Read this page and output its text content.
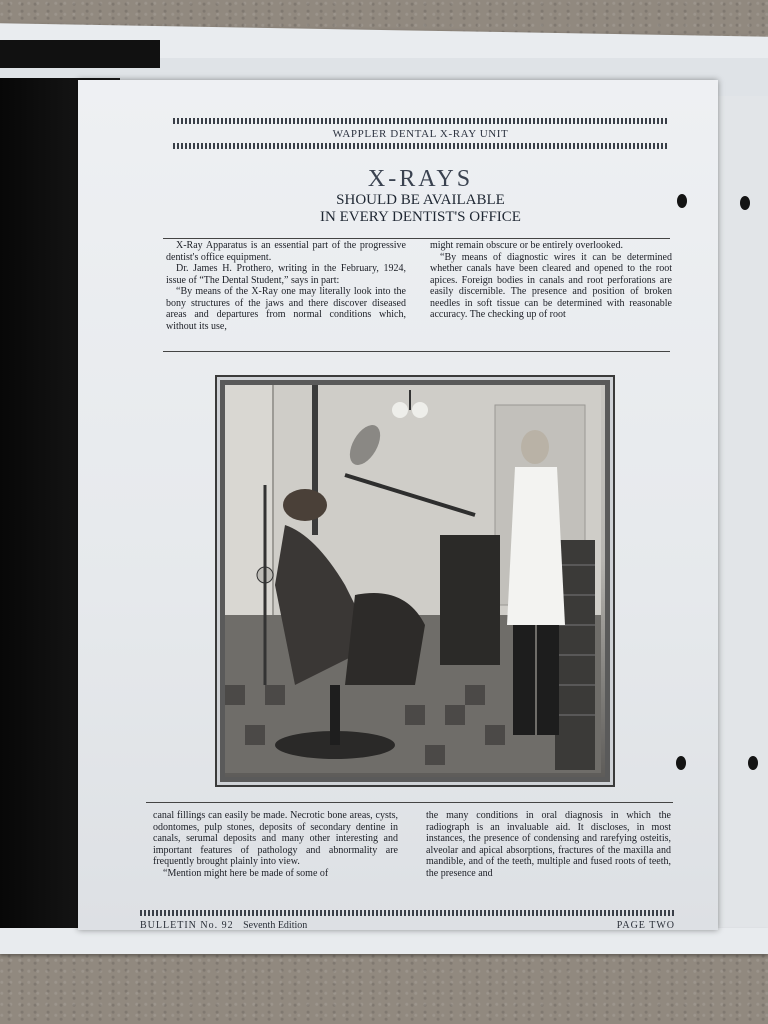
WAPPLER DENTAL X-RAY UNIT
X-RAYS
SHOULD BE AVAILABLE
IN EVERY DENTIST'S OFFICE

X-Ray Apparatus is an essential part of the progressive dentist's office equipment.

Dr. James H. Prothero, writing in the February, 1924, issue of “The Dental Student,” says in part:

“By means of the X-Ray one may literally look into the bony structures of the jaws and there discover diseased areas and departures from normal conditions which, without its use,

might remain obscure or be entirely overlooked.

“By means of diagnostic wires it can be determined whether canals have been cleared and opened to the root apices. Foreign bodies in canals and root perforations are easily discernible. The presence and position of broken needles in soft tissue can be determined with reasonable accuracy. The checking up of root

canal fillings can easily be made. Necrotic bone areas, cysts, odontomes, pulp stones, deposits of secondary dentine in canals, serumal deposits and many other interesting and important features of pathology and abnormality are frequently brought plainly into view.

“Mention might here be made of some of

the many conditions in oral diagnosis in which the radiograph is an invaluable aid. It discloses, in most instances, the presence of condensing and rarefying osteitis, alveolar and apical absorptions, fractures of the maxilla and mandible, and of the teeth, multiple and fused roots of teeth, the presence and

BULLETIN No. 92 Seventh Edition	PAGE TWO
